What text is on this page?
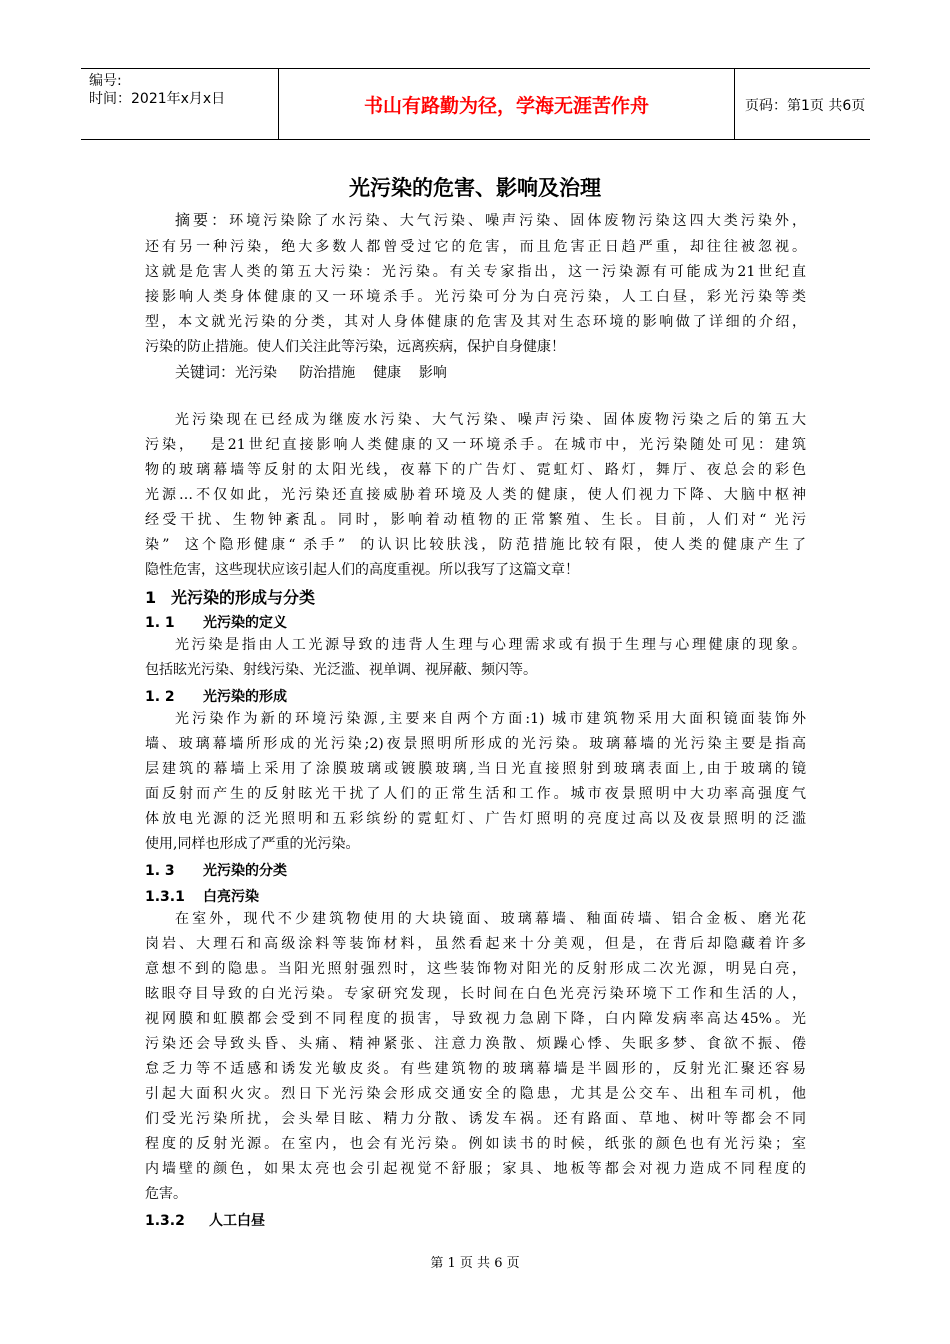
编号:
时间：2021年x月x日	书山有路勤为径，学海无涯苦作舟	页码：第1页 共6页
光污染的危害、影响及治理
摘要：环境污染除了水污染、大气污染、噪声污染、固体废物污染这四大类污染外，
还有另一种污染，绝大多数人都曾受过它的危害，而且危害正日趋严重，却往往被忽视。
这就是危害人类的第五大污染：光污染。有关专家指出，这一污染源有可能成为21世纪直
接影响人类身体健康的又一环境杀手。光污染可分为白亮污染，人工白昼，彩光污染等类
型，本文就光污染的分类，其对人身体健康的危害及其对生态环境的影响做了详细的介绍，
污染的防止措施。使人们关注此等污染，远离疾病，保护自身健康！
关键词：光污染     防治措施    健康    影响
光污染现在已经成为继废水污染、大气污染、噪声污染、固体废物污染之后的第五大
污染，  是21世纪直接影响人类健康的又一环境杀手。在城市中，光污染随处可见：建筑
物的玻璃幕墙等反射的太阳光线，夜幕下的广告灯、霓虹灯、路灯，舞厅、夜总会的彩色
光源…不仅如此，光污染还直接威胁着环境及人类的健康，使人们视力下降、大脑中枢神
经受干扰、生物钟紊乱。同时，影响着动植物的正常繁殖、生长。目前，人们对“ 光污
染”  这个隐形健康“ 杀手”  的认识比较肤浅，防范措施比较有限，使人类的健康产生了
隐性危害，这些现状应该引起人们的高度重视。所以我写了这篇文章！
1 光污染的形成与分类
1. 1 光污染的定义
光污染是指由人工光源导致的违背人生理与心理需求或有损于生理与心理健康的现象。
包括眩光污染、射线污染、光泛滥、视单调、视屏蔽、频闪等。
1. 2 光污染的形成
光污染作为新的环境污染源,主要来自两个方面:1) 城市建筑物采用大面积镜面装饰外
墙、玻璃幕墙所形成的光污染;2)夜景照明所形成的光污染。玻璃幕墙的光污染主要是指高
层建筑的幕墙上采用了涂膜玻璃或镀膜玻璃,当日光直接照射到玻璃表面上,由于玻璃的镜
面反射而产生的反射眩光干扰了人们的正常生活和工作。城市夜景照明中大功率高强度气
体放电光源的泛光照明和五彩缤纷的霓虹灯、广告灯照明的亮度过高以及夜景照明的泛滥
使用,同样也形成了严重的光污染。
1. 3 光污染的分类
1.3.1 白亮污染
在室外，现代不少建筑物使用的大块镜面、玻璃幕墙、釉面砖墙、铝合金板、磨光花
岗岩、大理石和高级涂料等装饰材料，虽然看起来十分美观，但是，在背后却隐藏着许多
意想不到的隐患。当阳光照射强烈时，这些装饰物对阳光的反射形成二次光源，明晃白亮，
眩眼夺目导致的白光污染。专家研究发现，长时间在白色光亮污染环境下工作和生活的人，
视网膜和虹膜都会受到不同程度的损害，导致视力急剧下降，白内障发病率高达45%。光
污染还会导致头昏、头痛、精神紧张、注意力涣散、烦躁心悸、失眠多梦、食欲不振、倦
怠乏力等不适感和诱发光敏皮炎。有些建筑物的玻璃幕墙是半圆形的，反射光汇聚还容易
引起大面积火灾。烈日下光污染会形成交通安全的隐患，尤其是公交车、出租车司机，他
们受光污染所扰，会头晕目眩、精力分散、诱发车祸。还有路面、草地、树叶等都会不同
程度的反射光源。在室内，也会有光污染。例如读书的时候，纸张的颜色也有光污染；室
内墙壁的颜色，如果太亮也会引起视觉不舒服；家具、地板等都会对视力造成不同程度的
危害。
1.3.2 人工白昼
第 1 页 共 6 页
